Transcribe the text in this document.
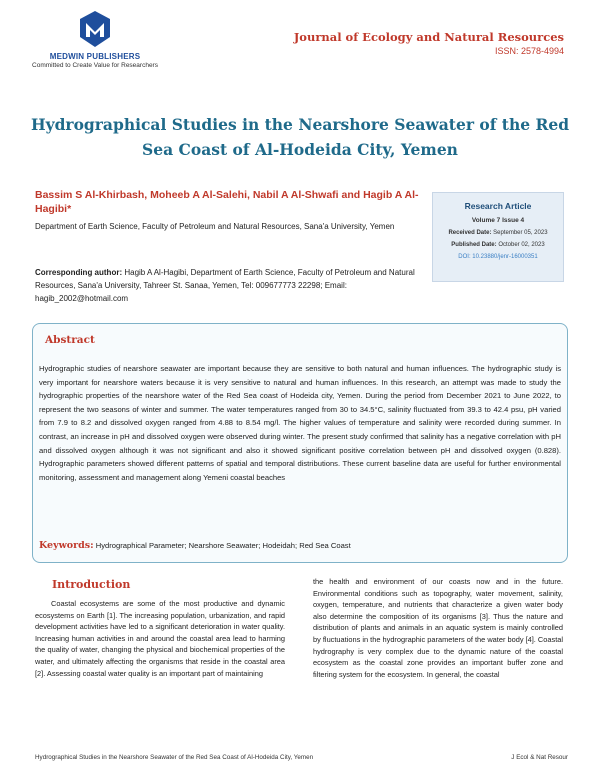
MEDWIN PUBLISHERS
Committed to Create Value for Researchers
Journal of Ecology and Natural Resources
ISSN: 2578-4994
Hydrographical Studies in the Nearshore Seawater of the Red Sea Coast of Al-Hodeida City, Yemen
Bassim S Al-Khirbash, Moheeb A Al-Salehi, Nabil A Al-Shwafi and Hagib A Al-Hagibi*
Department of Earth Science, Faculty of Petroleum and Natural Resources, Sana'a University, Yemen
Corresponding author: Hagib A Al-Hagibi, Department of Earth Science, Faculty of Petroleum and Natural Resources, Sana'a University, Tahreer St. Sanaa, Yemen, Tel: 009677773 22298; Email: hagib_2002@hotmail.com
Research Article
Volume 7 Issue 4
Received Date: September 05, 2023
Published Date: October 02, 2023
DOI: 10.23880/jenr-16000351
Abstract
Hydrographic studies of nearshore seawater are important because they are sensitive to both natural and human influences. The hydrographic study is very important for nearshore waters because it is very sensitive to natural and human influences. In this research, an attempt was made to study the hydrographic properties of the nearshore water of the Red Sea coast of Hodeida city, Yemen. During the period from December 2021 to June 2022, to represent the two seasons of winter and summer. The water temperatures ranged from 30 to 34.5°C, salinity fluctuated from 39.3 to 42.4 psu, pH varied from 7.9 to 8.2 and dissolved oxygen ranged from 4.88 to 8.54 mg/l. The higher values of temperature and salinity were recorded during summer. In contrast, an increase in pH and dissolved oxygen were observed during winter. The present study confirmed that salinity has a negative correlation with pH and dissolved oxygen although it was not significant and also it showed significant positive correlation between pH and dissolved oxygen (0.828). Hydrographic parameters showed different patterns of spatial and temporal distributions. These current baseline data are useful for further environmental monitoring, assessment and management along Yemeni coastal beaches
Keywords: Hydrographical Parameter; Nearshore Seawater; Hodeidah; Red Sea Coast
Introduction
Coastal ecosystems are some of the most productive and dynamic ecosystems on Earth [1]. The increasing population, urbanization, and rapid development activities have led to a significant deterioration in water quality. Increasing human activities in and around the coastal area lead to harming the quality of water, changing the physical and biochemical properties of the water, and ultimately affecting the organisms that reside in the coastal area [2]. Assessing coastal water quality is an important part of maintaining
the health and environment of our coasts now and in the future. Environmental conditions such as topography, water movement, salinity, oxygen, temperature, and nutrients that characterize a given water body also determine the composition of its organisms [3]. Thus the nature and distribution of plants and animals in an aquatic system is mainly controlled by fluctuations in the hydrographic parameters of the water body [4]. Coastal hydrography is very complex due to the dynamic nature of the coastal ecosystem as the coastal zone provides an important buffer zone and filtering system for the ecosystem. In general, the coastal
Hydrographical Studies in the Nearshore Seawater of the Red Sea Coast of Al-Hodeida City, Yemen	J Ecol & Nat Resour
